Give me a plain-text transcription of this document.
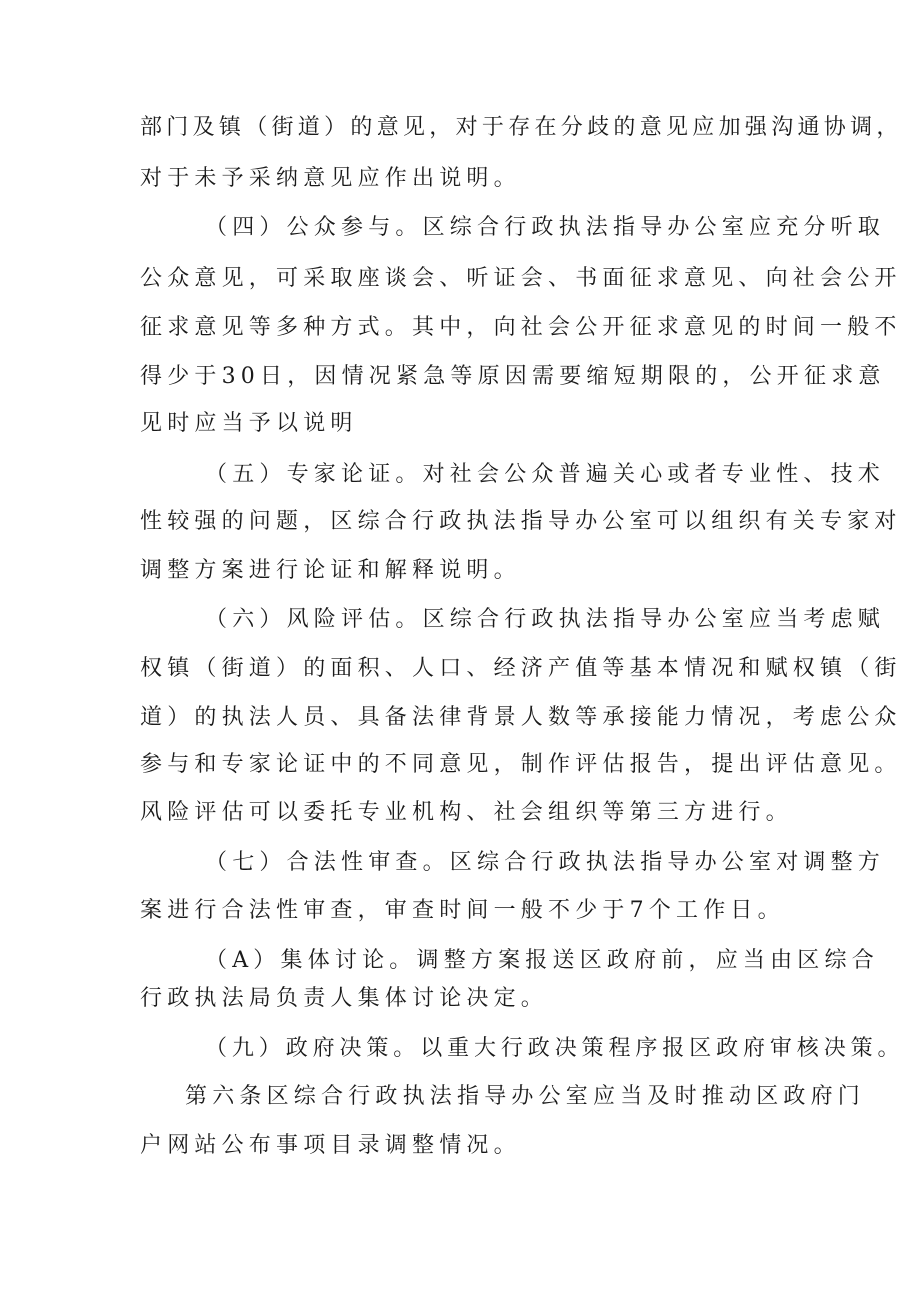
部门及镇（街道）的意见，对于存在分歧的意见应加强沟通协调，
对于未予采纳意见应作出说明。
（四）公众参与。区综合行政执法指导办公室应充分听取
公众意见，可采取座谈会、听证会、书面征求意见、向社会公开
征求意见等多种方式。其中，向社会公开征求意见的时间一般不
得少于30日，因情况紧急等原因需要缩短期限的，公开征求意
见时应当予以说明
（五）专家论证。对社会公众普遍关心或者专业性、技术
性较强的问题，区综合行政执法指导办公室可以组织有关专家对
调整方案进行论证和解释说明。
（六）风险评估。区综合行政执法指导办公室应当考虑赋
权镇（街道）的面积、人口、经济产值等基本情况和赋权镇（街
道）的执法人员、具备法律背景人数等承接能力情况，考虑公众
参与和专家论证中的不同意见，制作评估报告，提出评估意见。
风险评估可以委托专业机构、社会组织等第三方进行。
（七）合法性审查。区综合行政执法指导办公室对调整方
案进行合法性审查，审查时间一般不少于7个工作日。
（A）集体讨论。调整方案报送区政府前，应当由区综合
行政执法局负责人集体讨论决定。
（九）政府决策。以重大行政决策程序报区政府审核决策。
第六条区综合行政执法指导办公室应当及时推动区政府门
户网站公布事项目录调整情况。
